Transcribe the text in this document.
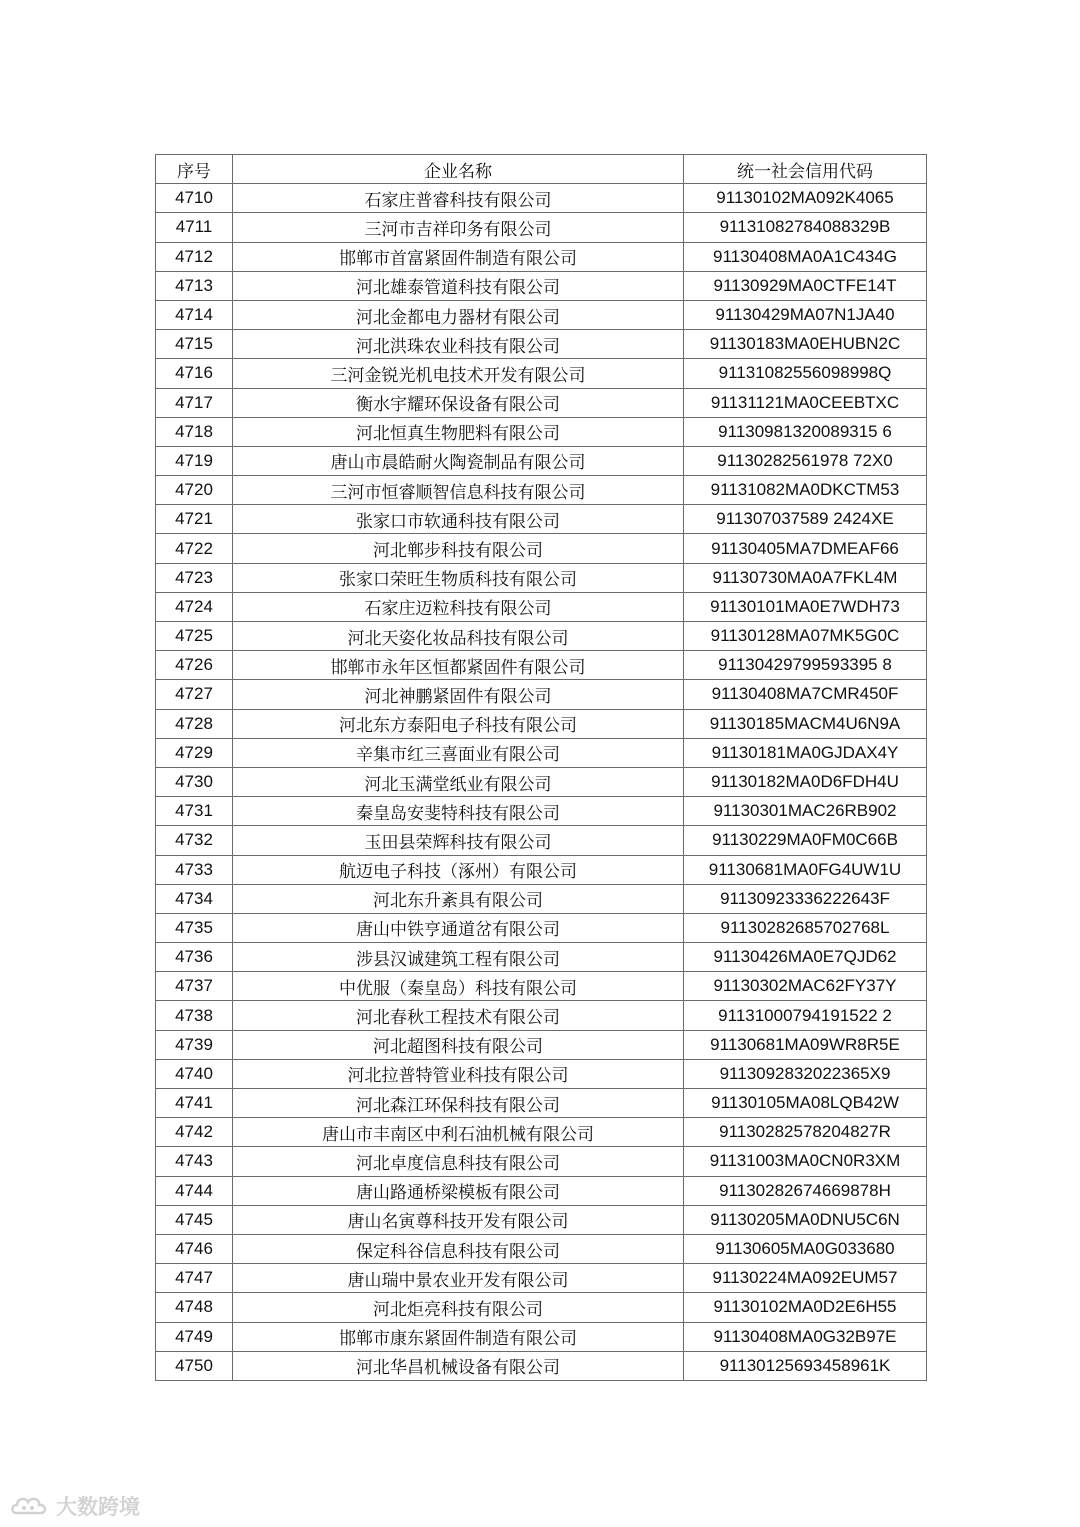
序号	企业名称	统一社会信用代码
4710	石家庄普睿科技有限公司	91130102MA092K4065
4711	三河市吉祥印务有限公司	91131082784088329B
4712	邯郸市首富紧固件制造有限公司	91130408MA0A1C434G
4713	河北雄泰管道科技有限公司	91130929MA0CTFE14T
4714	河北金都电力器材有限公司	91130429MA07N1JA40
4715	河北洪珠农业科技有限公司	91130183MA0EHUBN2C
4716	三河金锐光机电技术开发有限公司	91131082556098998Q
4717	衡水宇耀环保设备有限公司	91131121MA0CEEBTXC
4718	河北恒真生物肥料有限公司	91130981320089315 6
4719	唐山市晨皓耐火陶瓷制品有限公司	91130282561978 72X0
4720	三河市恒睿顺智信息科技有限公司	91131082MA0DKCTM53
4721	张家口市软通科技有限公司	911307037589 2424XE
4722	河北郸步科技有限公司	91130405MA7DMEAF66
4723	张家口荣旺生物质科技有限公司	91130730MA0A7FKL4M
4724	石家庄迈粒科技有限公司	91130101MA0E7WDH73
4725	河北天姿化妆品科技有限公司	91130128MA07MK5G0C
4726	邯郸市永年区恒都紧固件有限公司	91130429799593395 8
4727	河北神鹏紧固件有限公司	91130408MA7CMR450F
4728	河北东方泰阳电子科技有限公司	91130185MACM4U6N9A
4729	辛集市红三喜面业有限公司	91130181MA0GJDAX4Y
4730	河北玉满堂纸业有限公司	91130182MA0D6FDH4U
4731	秦皇岛安斐特科技有限公司	91130301MAC26RB902
4732	玉田县荣辉科技有限公司	91130229MA0FM0C66B
4733	航迈电子科技（涿州）有限公司	91130681MA0FG4UW1U
4734	河北东升紊具有限公司	91130923336222643F
4735	唐山中铁亨通道岔有限公司	91130282685702768L
4736	涉县汉诚建筑工程有限公司	91130426MA0E7QJD62
4737	中优服（秦皇岛）科技有限公司	91130302MAC62FY37Y
4738	河北春秋工程技术有限公司	91131000794191522 2
4739	河北超图科技有限公司	91130681MA09WR8R5E
4740	河北拉普特管业科技有限公司	9113092832022365X9
4741	河北森江环保科技有限公司	91130105MA08LQB42W
4742	唐山市丰南区中利石油机械有限公司	91130282578204827R
4743	河北卓度信息科技有限公司	91131003MA0CN0R3XM
4744	唐山路通桥梁模板有限公司	91130282674669878H
4745	唐山名寅尊科技开发有限公司	91130205MA0DNU5C6N
4746	保定科谷信息科技有限公司	91130605MA0G033680
4747	唐山瑞中景农业开发有限公司	91130224MA092EUM57
4748	河北炬亮科技有限公司	91130102MA0D2E6H55
4749	邯郸市康东紧固件制造有限公司	91130408MA0G32B97E
4750	河北华昌机械设备有限公司	91130125693458961K
大数跨境
